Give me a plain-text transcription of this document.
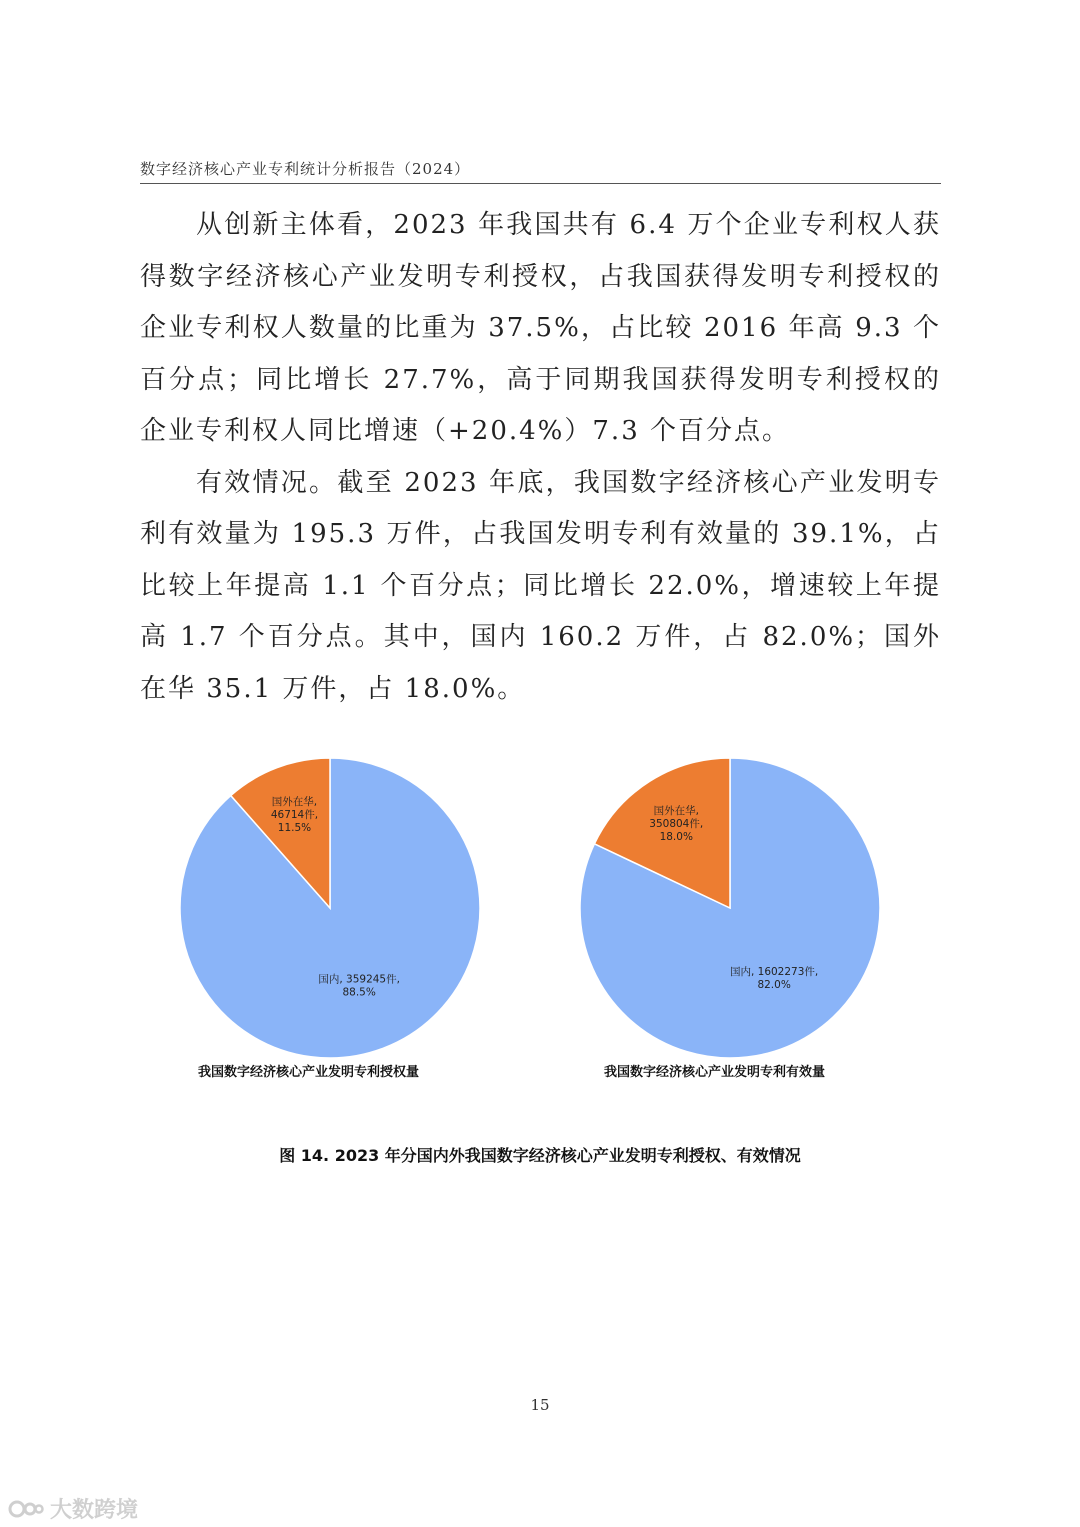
数字经济核心产业专利统计分析报告（2024）

从创新主体看，2023 年我国共有 6.4 万个企业专利权人获得数字经济核心产业发明专利授权，占我国获得发明专利授权的企业专利权人数量的比重为 37.5%，占比较 2016 年高 9.3 个百分点；同比增长 27.7%，高于同期我国获得发明专利授权的企业专利权人同比增速（+20.4%）7.3 个百分点。

有效情况。截至 2023 年底，我国数字经济核心产业发明专利有效量为 195.3 万件，占我国发明专利有效量的 39.1%，占比较上年提高 1.1 个百分点；同比增长 22.0%，增速较上年提高 1.7 个百分点。其中，国内 160.2 万件，占 82.0%；国外在华 35.1 万件，占 18.0%。

国内, 359245件, 88.5%
国外在华, 46714件, 11.5%
我国数字经济核心产业发明专利授权量
国内, 1602273件, 82.0%
国外在华, 350804件, 18.0%
我国数字经济核心产业发明专利有效量
图 14. 2023 年分国内外我国数字经济核心产业发明专利授权、有效情况
15
大数跨境
